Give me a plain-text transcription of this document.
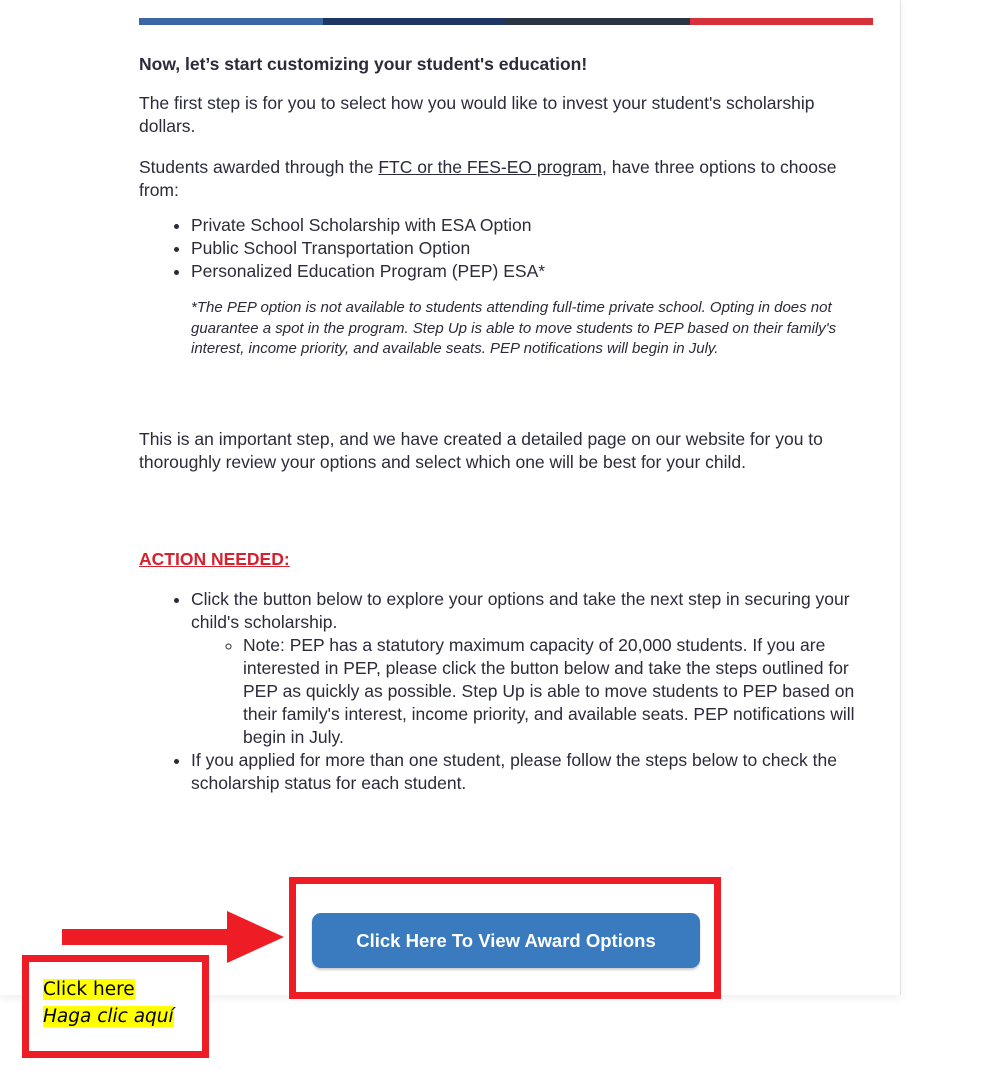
Now, let’s start customizing your student's education!

The first step is for you to select how you would like to invest your student's scholarship dollars.

Students awarded through the FTC or the FES-EO program, have three options to choose from:

• Private School Scholarship with ESA Option
• Public School Transportation Option
• Personalized Education Program (PEP) ESA*

*The PEP option is not available to students attending full-time private school. Opting in does not guarantee a spot in the program. Step Up is able to move students to PEP based on their family's interest, income priority, and available seats. PEP notifications will begin in July.

This is an important step, and we have created a detailed page on our website for you to thoroughly review your options and select which one will be best for your child.

ACTION NEEDED:
• Click the button below to explore your options and take the next step in securing your child's scholarship.
◦ Note: PEP has a statutory maximum capacity of 20,000 students. If you are interested in PEP, please click the button below and take the steps outlined for PEP as quickly as possible. Step Up is able to move students to PEP based on their family's interest, income priority, and available seats. PEP notifications will begin in July.
• If you applied for more than one student, please follow the steps below to check the scholarship status for each student.
Click Here To View Award Options
Click here
Haga clic aquí
